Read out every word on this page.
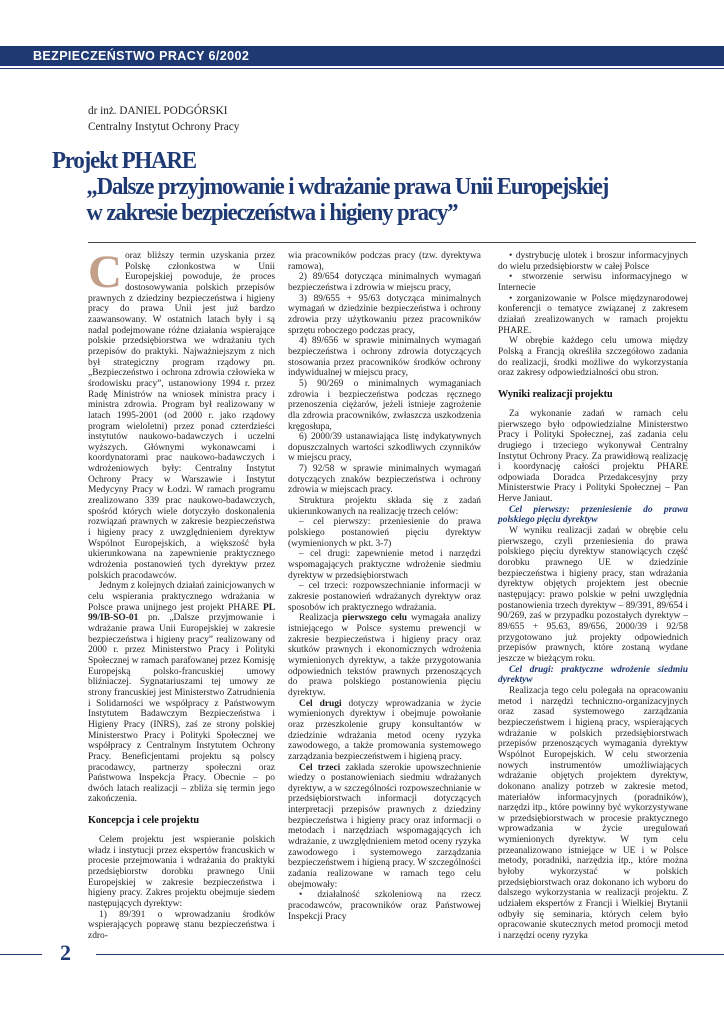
BEZPIECZEŃSTWO PRACY 6/2002
dr inż. DANIEL PODGÓRSKI
Centralny Instytut Ochrony Pracy
Projekt PHARE
„Dalsze przyjmowanie i wdrażanie prawa Unii Europejskiej
w zakresie bezpieczeństwa i higieny pracy”

Coraz bliższy termin uzyskania przez Polskę członkostwa w Unii Europejskiej powoduje, że proces dostosowywania polskich przepisów prawnych z dziedziny bezpieczeństwa i higieny pracy do prawa Unii jest już bardzo zaawansowany. W ostatnich latach były i są nadal podejmowane różne działania wspierające polskie przedsiębiorstwa we wdrażaniu tych przepisów do praktyki. Najważniejszym z nich był strategiczny program rządowy pn. „Bezpieczeństwo i ochrona zdrowia człowieka w środowisku pracy”, ustanowiony 1994 r. przez Radę Ministrów na wniosek ministra pracy i ministra zdrowia. Program był realizowany w latach 1995-2001 (od 2000 r. jako rządowy program wieloletni) przez ponad czterdzieści instytutów naukowo-badawczych i uczelni wyższych. Głównymi wykonawcami i koordynatorami prac naukowo-badawczych i wdrożeniowych były: Centralny Instytut Ochrony Pracy w Warszawie i Instytut Medycyny Pracy w Łodzi. W ramach programu zrealizowano 339 prac naukowo-badawczych, spośród których wiele dotyczyło doskonalenia rozwiązań prawnych w zakresie bezpieczeństwa i higieny pracy z uwzględnieniem dyrektyw Wspólnot Europejskich, a większość była ukierunkowana na zapewnienie praktycznego wdrożenia postanowień tych dyrektyw przez polskich pracodawców.

Jednym z kolejnych działań zainicjowanych w celu wspierania praktycznego wdrażania w Polsce prawa unijnego jest projekt PHARE PL 99/IB-SO-01 pn. „Dalsze przyjmowanie i wdrażanie prawa Unii Europejskiej w zakresie bezpieczeństwa i higieny pracy” realizowany od 2000 r. przez Ministerstwo Pracy i Polityki Społecznej w ramach parafowanej przez Komisję Europejską polsko-francuskiej umowy bliźniaczej. Sygnatariuszami tej umowy ze strony francuskiej jest Ministerstwo Zatrudnienia i Solidarności we współpracy z Państwowym Instytutem Badawczym Bezpieczeństwa i Higieny Pracy (INRS), zaś ze strony polskiej Ministerstwo Pracy i Polityki Społecznej we współpracy z Centralnym Instytutem Ochrony Pracy. Beneficjentami projektu są polscy pracodawcy, partnerzy społeczni oraz Państwowa Inspekcja Pracy. Obecnie – po dwóch latach realizacji – zbliża się termin jego zakończenia.

Koncepcja i cele projektu

Celem projektu jest wspieranie polskich władz i instytucji przez ekspertów francuskich w procesie przejmowania i wdrażania do praktyki przedsiębiorstw dorobku prawnego Unii Europejskiej w zakresie bezpieczeństwa i higieny pracy. Zakres projektu obejmuje siedem następujących dyrektyw:

1) 89/391 o wprowadzaniu środków wspierających poprawę stanu bezpieczeństwa i zdro-

wia pracowników podczas pracy (tzw. dyrektywa ramowa),

2) 89/654 dotycząca minimalnych wymagań bezpieczeństwa i zdrowia w miejscu pracy,

3) 89/655 + 95/63 dotycząca minimalnych wymagań w dziedzinie bezpieczeństwa i ochrony zdrowia przy użytkowaniu przez pracowników sprzętu roboczego podczas pracy,

4) 89/656 w sprawie minimalnych wymagań bezpieczeństwa i ochrony zdrowia dotyczących stosowania przez pracowników środków ochrony indywidualnej w miejscu pracy,

5) 90/269 o minimalnych wymaganiach zdrowia i bezpieczeństwa podczas ręcznego przenoszenia ciężarów, jeżeli istnieje zagrożenie dla zdrowia pracowników, zwłaszcza uszkodzenia kręgosłupa,

6) 2000/39 ustanawiająca listę indykatywnych dopuszczalnych wartości szkodliwych czynników w miejscu pracy,

7) 92/58 w sprawie minimalnych wymagań dotyczących znaków bezpieczeństwa i ochrony zdrowia w miejscach pracy.

Struktura projektu składa się z zadań ukierunkowanych na realizację trzech celów:

– cel pierwszy: przeniesienie do prawa polskiego postanowień pięciu dyrektyw (wymienionych w pkt. 3-7)

– cel drugi: zapewnienie metod i narzędzi wspomagających praktyczne wdrożenie siedmiu dyrektyw w przedsiębiorstwach

– cel trzeci: rozpowszechnianie informacji w zakresie postanowień wdrażanych dyrektyw oraz sposobów ich praktycznego wdrażania.

Realizacja pierwszego celu wymagała analizy istniejącego w Polsce systemu prewencji w zakresie bezpieczeństwa i higieny pracy oraz skutków prawnych i ekonomicznych wdrożenia wymienionych dyrektyw, a także przygotowania odpowiednich tekstów prawnych przenoszących do prawa polskiego postanowienia pięciu dyrektyw.

Cel drugi dotyczy wprowadzania w życie wymienionych dyrektyw i obejmuje powołanie oraz przeszkolenie grupy konsultantów w dziedzinie wdrażania metod oceny ryzyka zawodowego, a także promowania systemowego zarządzania bezpieczeństwem i higieną pracy.

Cel trzeci zakłada szerokie upowszechnienie wiedzy o postanowieniach siedmiu wdrażanych dyrektyw, a w szczególności rozpowszechnianie w przedsiębiorstwach informacji dotyczących interpretacji przepisów prawnych z dziedziny bezpieczeństwa i higieny pracy oraz informacji o metodach i narzędziach wspomagających ich wdrażanie, z uwzględnieniem metod oceny ryzyka zawodowego i systemowego zarządzania bezpieczeństwem i higieną pracy. W szczególności zadania realizowane w ramach tego celu obejmowały:

• działalność szkoleniową na rzecz pracodawców, pracowników oraz Państwowej Inspekcji Pracy

• dystrybucję ulotek i broszur informacyjnych do wielu przedsiębiorstw w całej Polsce

• stworzenie serwisu informacyjnego w Internecie

• zorganizowanie w Polsce międzynarodowej konferencji o tematyce związanej z zakresem działań zrealizowanych w ramach projektu PHARE.

W obrębie każdego celu umowa między Polską a Francją określiła szczegółowo zadania do realizacji, środki możliwe do wykorzystania oraz zakresy odpowiedzialności obu stron.

Wyniki realizacji projektu

Za wykonanie zadań w ramach celu pierwszego było odpowiedzialne Ministerstwo Pracy i Polityki Społecznej, zaś zadania celu drugiego i trzeciego wykonywał Centralny Instytut Ochrony Pracy. Za prawidłową realizację i koordynację całości projektu PHARE odpowiada Doradca Przedakcesyjny przy Ministerstwie Pracy i Polityki Społecznej – Pan Herve Janiaut.

Cel pierwszy: przeniesienie do prawa polskiego pięciu dyrektyw

W wyniku realizacji zadań w obrębie celu pierwszego, czyli przeniesienia do prawa polskiego pięciu dyrektyw stanowiących część dorobku prawnego UE w dziedzinie bezpieczeństwa i higieny pracy, stan wdrażania dyrektyw objętych projektem jest obecnie następujący: prawo polskie w pełni uwzględnia postanowienia trzech dyrektyw – 89/391, 89/654 i 90/269, zaś w przypadku pozostałych dyrektyw – 89/655 + 95.63, 89/656, 2000/39 i 92/58 przygotowano już projekty odpowiednich przepisów prawnych, które zostaną wydane jeszcze w bieżącym roku.

Cel drugi: praktyczne wdrożenie siedmiu dyrektyw

Realizacja tego celu polegała na opracowaniu metod i narzędzi techniczno-organizacyjnych oraz zasad systemowego zarządzania bezpieczeństwem i higieną pracy, wspierających wdrażanie w polskich przedsiębiorstwach przepisów przenoszących wymagania dyrektyw Wspólnot Europejskich. W celu stworzenia nowych instrumentów umożliwiających wdrażanie objętych projektem dyrektyw, dokonano analizy potrzeb w zakresie metod, materiałów informacyjnych (poradników), narzędzi itp., które powinny być wykorzystywane w przedsiębiorstwach w procesie praktycznego wprowadzania w życie uregulowań wymienionych dyrektyw. W tym celu przeanalizowano istniejące w UE i w Polsce metody, poradniki, narzędzia itp., które można byłoby wykorzystać w polskich przedsiębiorstwach oraz dokonano ich wyboru do dalszego wykorzystania w realizacji projektu. Z udziałem ekspertów z Francji i Wielkiej Brytanii odbyły się seminaria, których celem było opracowanie skutecznych metod promocji metod i narzędzi oceny ryzyka

2
